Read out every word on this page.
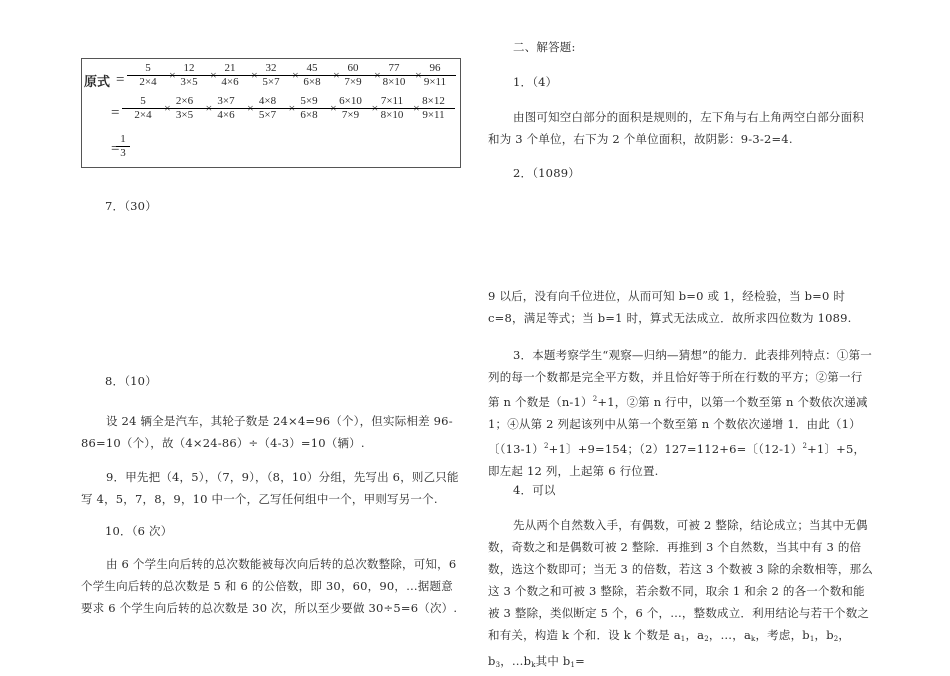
原式 = $\frac{5}{2\times 4}$ ×
$\frac{12}{3\times 5}$ ×
$\frac{21}{4\times 6}$ ×
$\frac{32}{5\times 7}$ ×
$\frac{45}{6\times 8}$ ×
$\frac{60}{7\times 9}$ ×
$\frac{77}{8\times 10}$ ×
$\frac{96}{9\times 11}$
= $\frac{5}{2\times 4}$ ×
$\frac{2\times 6}{3\times 5}$ ×
$\frac{3\times 7}{4\times 6}$ ×
$\frac{4\times 8}{5\times 7}$ ×
$\frac{5\times 9}{6\times 8}$ ×
$\frac{6\times 10}{7\times 9}$ ×
$\frac{7\times 11}{8\times 10}$ ×
$\frac{8\times 12}{9\times 11}$
=
$\frac{1}{3}$
7．（30）
8．（10）
设 24 辆全是汽车，其轮子数是 24×4=96（个），但实际相差 96-86=10（个），故（4×24-86）÷（4-3）=10（辆）.
9．甲先把（4，5），（7，9），（8，10）分组，先写出 6，则乙只能写 4，5，7，8，9，10 中一个，乙写任何组中一个，甲则写另一个.
10．（6 次）
由 6 个学生向后转的总次数能被每次向后转的总次数整除，可知，6 个学生向后转的总次数是 5 和 6 的公倍数，即 30，60，90，…据题意要求 6 个学生向后转的总次数是 30 次，所以至少要做 30÷5=6（次）.
二、解答题:
1．（4）
由图可知空白部分的面积是规则的，左下角与右上角两空白部分面积和为 3 个单位，右下为 2 个单位面积，故阴影：9-3-2=4.
2．（1089）
9 以后，没有向千位进位，从而可知 b=0 或 1，经检验，当 b=0 时 c=8，满足等式；当 b=1 时，算式无法成立．故所求四位数为 1089.
3．本题考察学生“观察—归纳—猜想”的能力．此表排列特点：①第一列的每一个数都是完全平方数，并且恰好等于所在行数的平方；②第一行第 n 个数是$(n-1)^2+1$，②第 n 行中，以第一个数至第 n 个数依次递减 1；④从第 2 列起该列中从第一个数至第 n 个数依次递增 1．由此（1）〔$(13-1)^2+1$〕+9=154；（2）127=112+6=〔$(12-1)^2+1$〕+5，即左起 12 列，上起第 6 行位置.
4．可以
先从两个自然数入手，有偶数，可被 2 整除，结论成立；当其中无偶数，奇数之和是偶数可被 2 整除．再推到 3 个自然数，当其中有 3 的倍数，选这个数即可；当无 3 的倍数，若这 3 个数被 3 除的余数相等，那么这 3 个数之和可被 3 整除，若余数不同，取余 1 和余 2 的各一个数和能被 3 整除，类似断定 5 个，6 个，…，整数成立．利用结论与若干个数之和有关，构造 k 个和．设 k 个数是 $a_1$，$a_2$，…，$a_k$，考虑，$b_1$，$b_2$，$b_3$，$\dots b_k$其中 $b_1=$
